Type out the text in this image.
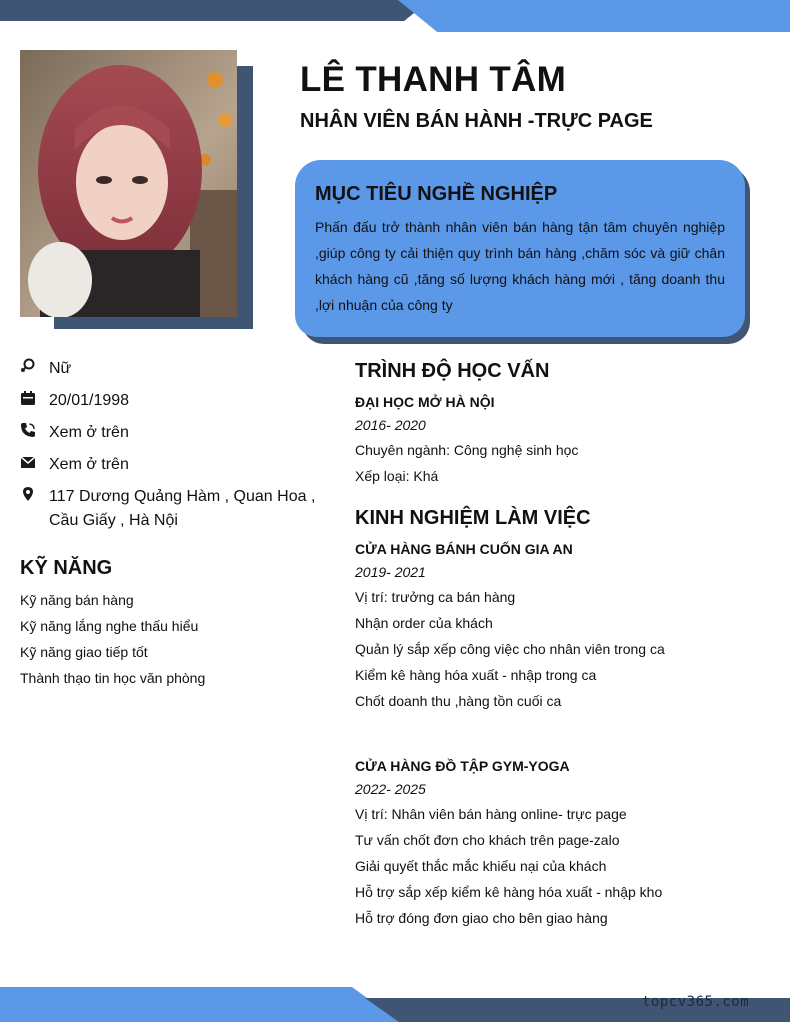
topcv365.com
LÊ THANH TÂM
NHÂN VIÊN BÁN HÀNH -TRỰC PAGE
MỤC TIÊU NGHỀ NGHIỆP
Phấn đấu trở thành nhân viên bán hàng tận tâm chuyên nghiệp ,giúp công ty cải thiện quy trình bán hàng ,chăm sóc và giữ chân khách hàng cũ ,tăng số lượng khách hàng mới , tăng doanh thu ,lợi nhuận của công ty
Nữ
20/01/1998
Xem ở trên
Xem ở trên
117 Dương Quảng Hàm , Quan Hoa ,
Cầu Giấy , Hà Nội
KỸ NĂNG
Kỹ năng bán hàng
Kỹ năng lắng nghe thấu hiểu
Kỹ năng giao tiếp tốt
Thành thạo tin học văn phòng
TRÌNH ĐỘ HỌC VẤN
ĐẠI HỌC MỞ HÀ NỘI
2016- 2020
Chuyên ngành: Công nghệ sinh học
Xếp loại: Khá
KINH NGHIỆM LÀM VIỆC
CỬA HÀNG BÁNH CUỐN GIA AN
2019- 2021
Vị trí: trưởng ca bán hàng
Nhận order của khách
Quản lý sắp xếp công việc cho nhân viên trong ca
Kiểm kê hàng hóa xuất - nhập trong ca
Chốt doanh thu ,hàng tồn cuối ca
CỬA HÀNG ĐỒ TẬP GYM-YOGA
2022- 2025
Vị trí: Nhân viên bán hàng online- trực page
Tư vấn chốt đơn cho khách trên page-zalo
Giải quyết thắc mắc khiếu nại của khách
Hỗ trợ sắp xếp kiểm kê hàng hóa xuất - nhập kho
Hỗ trợ đóng đơn giao cho bên giao hàng
